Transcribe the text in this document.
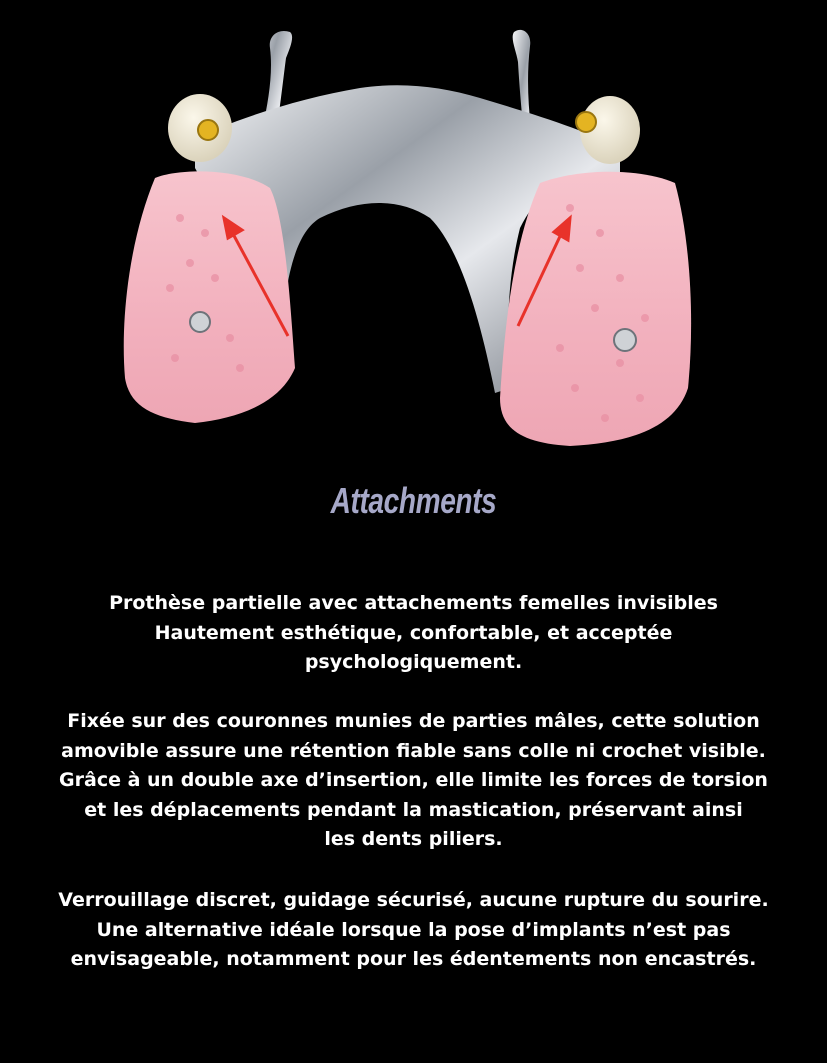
Attachments

Prothèse partielle avec attachements femelles invisibles
Hautement esthétique, confortable, et acceptée
psychologiquement.

Fixée sur des couronnes munies de parties mâles, cette solution
amovible assure une rétention fiable sans colle ni crochet visible.
Grâce à un double axe d’insertion, elle limite les forces de torsion
et les déplacements pendant la mastication, préservant ainsi
les dents piliers.

Verrouillage discret, guidage sécurisé, aucune rupture du sourire.
Une alternative idéale lorsque la pose d’implants n’est pas
envisageable, notamment pour les édentements non encastrés.
